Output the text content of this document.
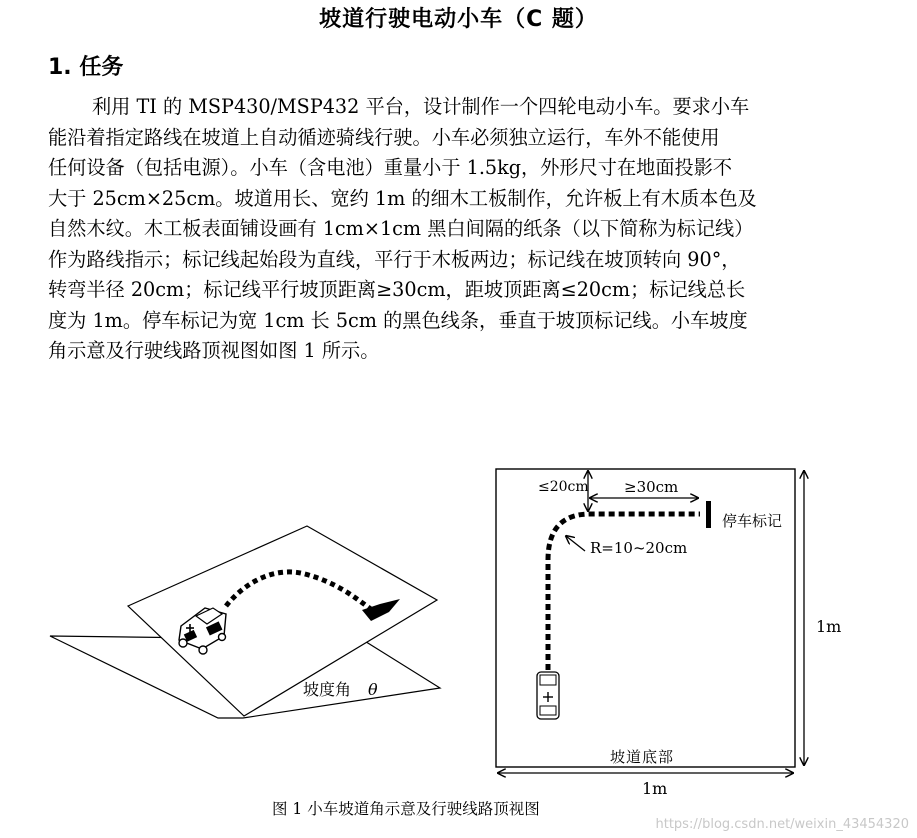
坡道行驶电动小车（C 题）
1. 任务
利用 TI 的 MSP430/MSP432 平台，设计制作一个四轮电动小车。要求小车
能沿着指定路线在坡道上自动循迹骑线行驶。小车必须独立运行，车外不能使用
任何设备（包括电源）。小车（含电池）重量小于 1.5kg，外形尺寸在地面投影不
大于 25cm×25cm。坡道用长、宽约 1m 的细木工板制作，允许板上有木质本色及
自然木纹。木工板表面铺设画有 1cm×1cm 黑白间隔的纸条（以下简称为标记线）
作为路线指示；标记线起始段为直线，平行于木板两边；标记线在坡顶转向 90°，
转弯半径 20cm；标记线平行坡顶距离≥30cm，距坡顶距离≤20cm；标记线总长
度为 1m。停车标记为宽 1cm 长 5cm 的黑色线条，垂直于坡顶标记线。小车坡度
角示意及行驶线路顶视图如图 1 所示。
坡度角 θ
≤20cm ≥30cm
停车标记
R=10~20cm
1m
坡道底部
1m
图 1 小车坡道角示意及行驶线路顶视图
https://blog.csdn.net/weixin_43454320
